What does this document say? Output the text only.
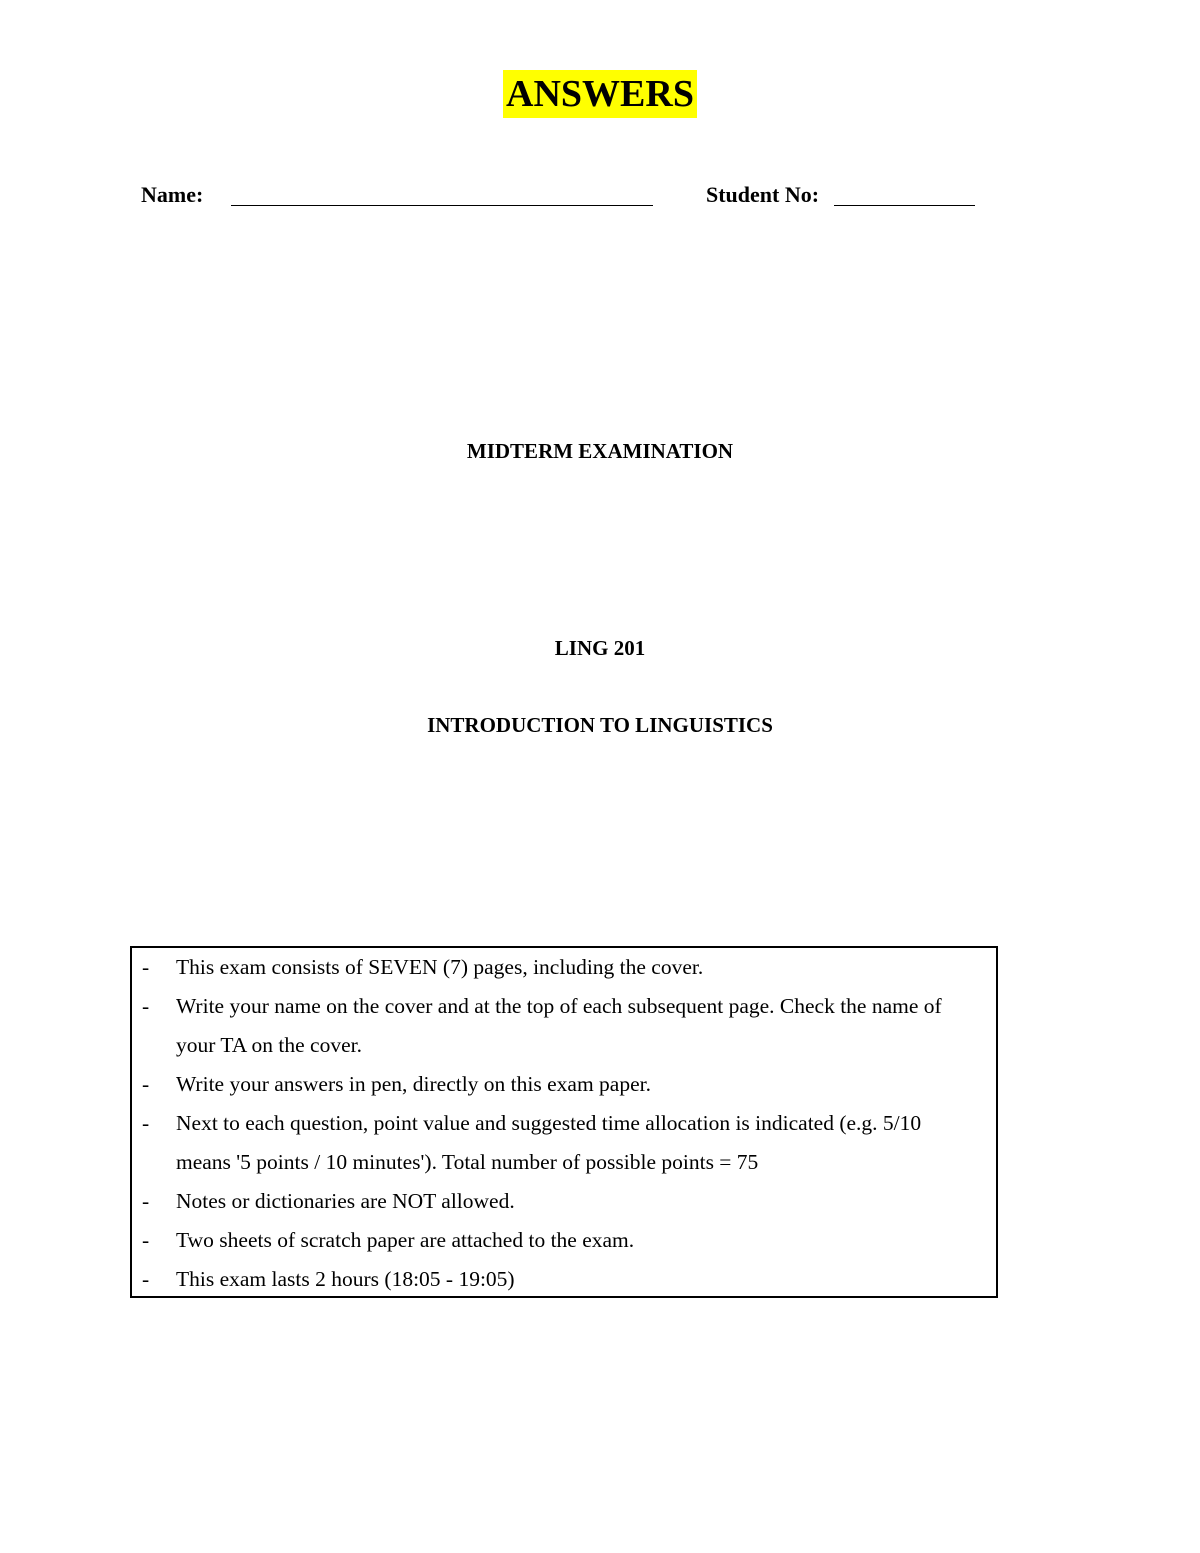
ANSWERS
Name:	Student No:
MIDTERM EXAMINATION
LING 201
INTRODUCTION TO LINGUISTICS
- This exam consists of SEVEN (7) pages, including the cover.
- Write your name on the cover and at the top of each subsequent page. Check the name of your TA on the cover.
- Write your answers in pen, directly on this exam paper.
- Next to each question, point value and suggested time allocation is indicated (e.g. 5/10 means '5 points / 10 minutes'). Total number of possible points = 75
- Notes or dictionaries are NOT allowed.
- Two sheets of scratch paper are attached to the exam.
- This exam lasts 2 hours (18:05 - 19:05)
